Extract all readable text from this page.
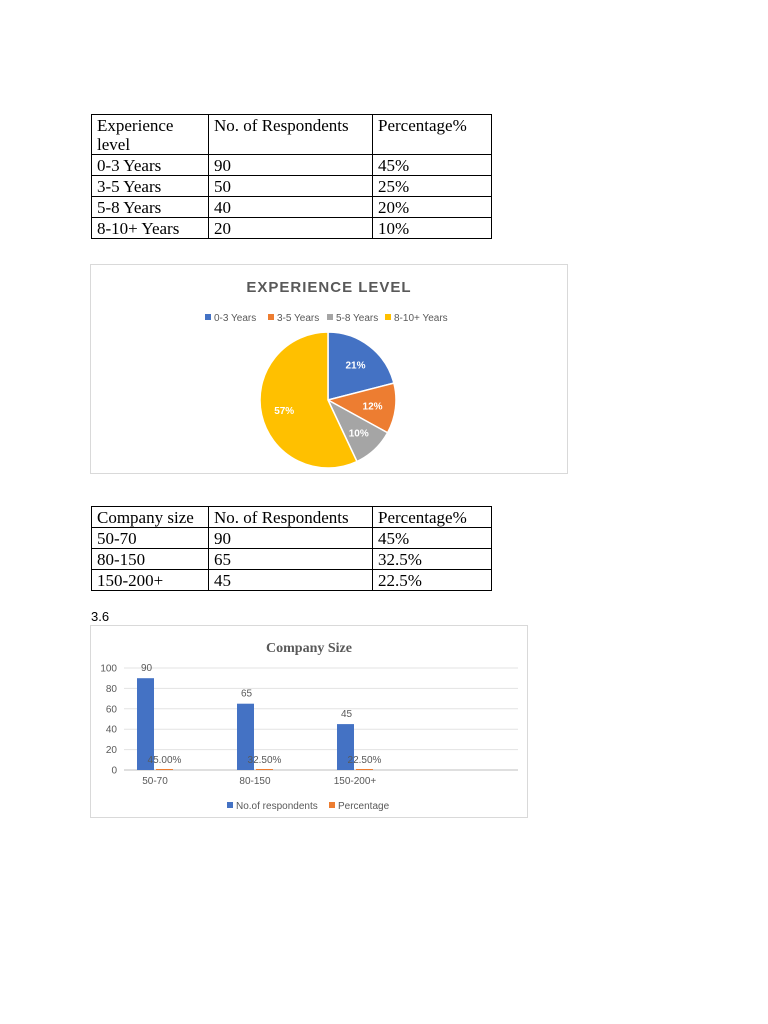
Experience level	No. of Respondents	Percentage%
0-3 Years	90	45%
3-5 Years	50	25%
5-8 Years	40	20%
8-10+ Years	20	10%
EXPERIENCE LEVEL
0-3 Years 3-5 Years 5-8 Years 8-10+ Years
21%
12%
10%
57%
Company size	No. of Respondents	Percentage%
50-70	90	45%
80-150	65	32.5%
150-200+	45	22.5%
3.6
Company Size
0
20
40
60
80
100 90
45.00%
65
32.50%
45
22.50%
50-70	80-150	150-200+
No.of respondents Percentage
